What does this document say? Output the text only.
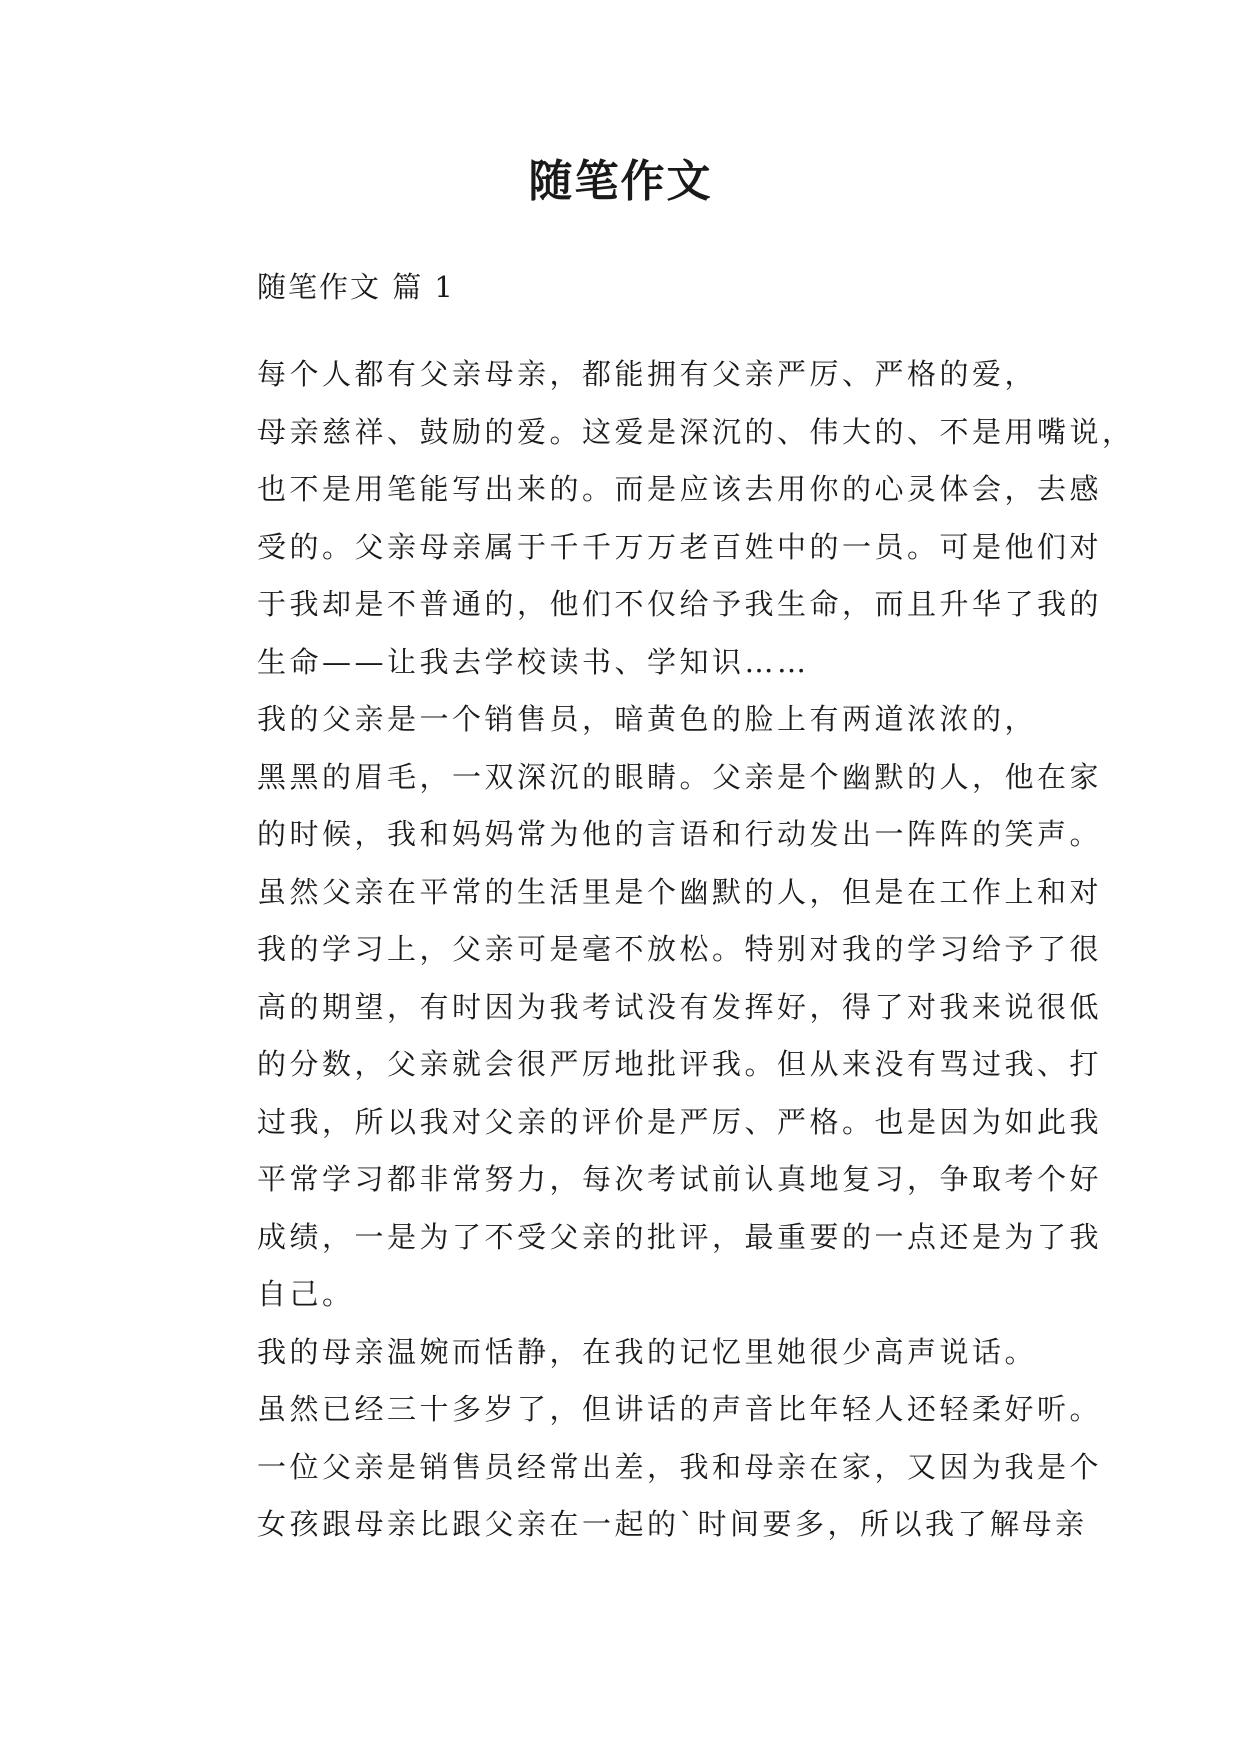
随笔作文
随笔作文 篇 1

每个人都有父亲母亲，都能拥有父亲严厉、严格的爱，
母亲慈祥、鼓励的爱。这爱是深沉的、伟大的、不是用嘴说，
也不是用笔能写出来的。而是应该去用你的心灵体会，去感
受的。父亲母亲属于千千万万老百姓中的一员。可是他们对
于我却是不普通的，他们不仅给予我生命，而且升华了我的
生命——让我去学校读书、学知识……

我的父亲是一个销售员，暗黄色的脸上有两道浓浓的，
黑黑的眉毛，一双深沉的眼睛。父亲是个幽默的人，他在家
的时候，我和妈妈常为他的言语和行动发出一阵阵的笑声。
虽然父亲在平常的生活里是个幽默的人，但是在工作上和对
我的学习上，父亲可是毫不放松。特别对我的学习给予了很
高的期望，有时因为我考试没有发挥好，得了对我来说很低
的分数，父亲就会很严厉地批评我。但从来没有骂过我、打
过我，所以我对父亲的评价是严厉、严格。也是因为如此我
平常学习都非常努力，每次考试前认真地复习，争取考个好
成绩，一是为了不受父亲的批评，最重要的一点还是为了我
自己。

我的母亲温婉而恬静，在我的记忆里她很少高声说话。
虽然已经三十多岁了，但讲话的声音比年轻人还轻柔好听。
一位父亲是销售员经常出差，我和母亲在家，又因为我是个
女孩跟母亲比跟父亲在一起的`时间要多，所以我了解母亲
